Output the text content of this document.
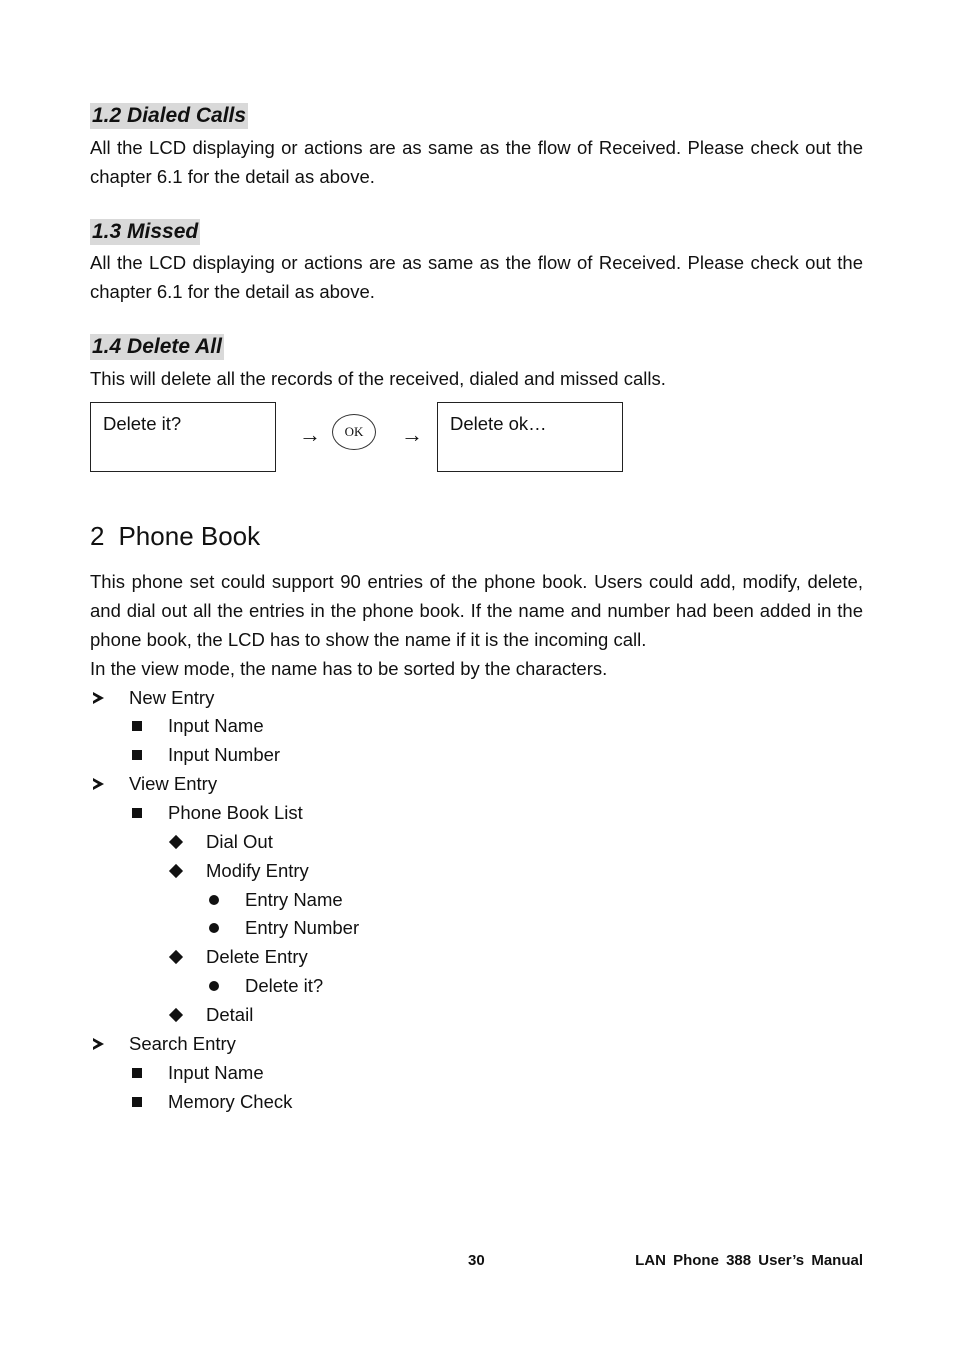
1.2 Dialed Calls
All the LCD displaying or actions are as same as the flow of Received. Please check out the chapter 6.1 for the detail as above.
1.3 Missed
All the LCD displaying or actions are as same as the flow of Received. Please check out the chapter 6.1 for the detail as above.
1.4 Delete All
This will delete all the records of the received, dialed and missed calls.
Delete it?	→ OK →	Delete ok…
2 Phone Book
This phone set could support 90 entries of the phone book. Users could add, modify, delete, and dial out all the entries in the phone book. If the name and number had been added in the phone book, the LCD has to show the name if it is the incoming call.
In the view mode, the name has to be sorted by the characters.
New Entry
Input Name
Input Number
View Entry
Phone Book List
Dial Out
Modify Entry
Entry Name
Entry Number
Delete Entry
Delete it?
Detail
Search Entry
Input Name
Memory Check
30	LAN Phone 388 User’s Manual
